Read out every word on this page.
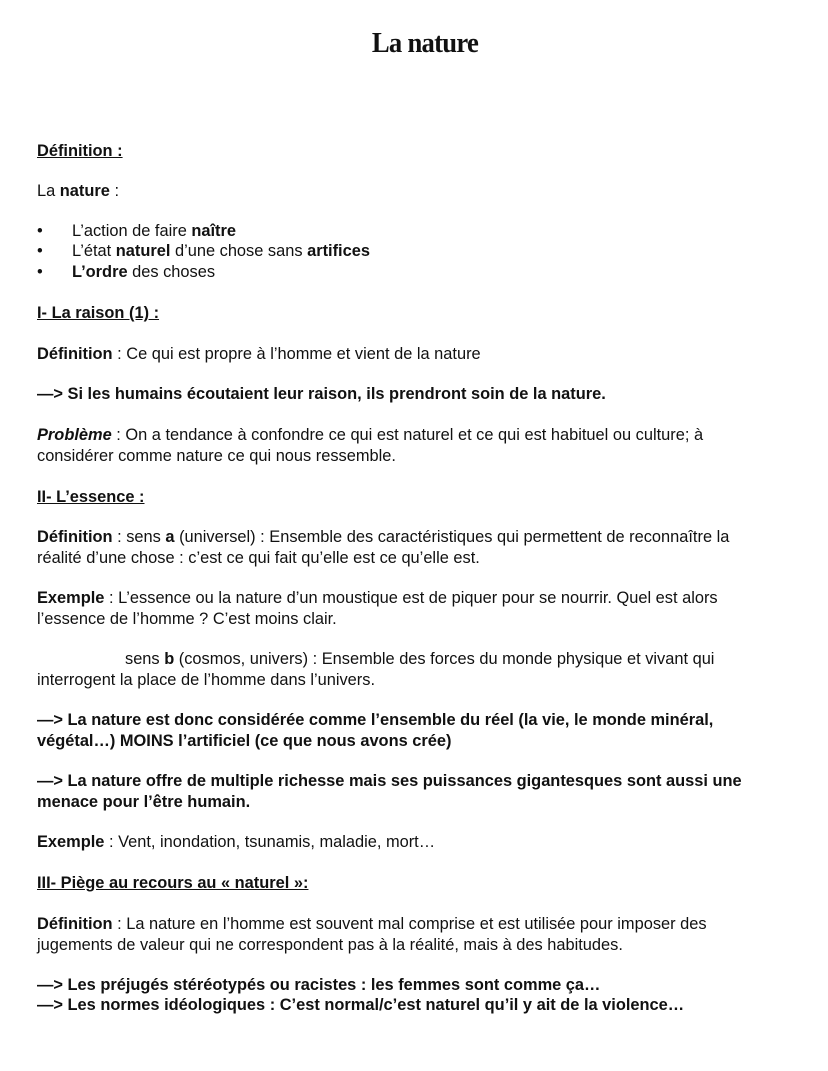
La nature
Définition :
La nature :
• L’action de faire naître
• L’état naturel d’une chose sans artifices
• L’ordre des choses
I- La raison (1) :
Définition : Ce qui est propre à l’homme et vient de la nature
—> Si les humains écoutaient leur raison, ils prendront soin de la nature.
Problème : On a tendance à confondre ce qui est naturel et ce qui est habituel ou culture; à considérer comme nature ce qui nous ressemble.
II- L’essence :
Définition : sens a (universel) : Ensemble des caractéristiques qui permettent de reconnaître la réalité d’une chose : c’est ce qui fait qu’elle est ce qu’elle est.
Exemple : L’essence ou la nature d’un moustique est de piquer pour se nourrir. Quel est alors l’essence de l’homme ? C’est moins clair.
sens b (cosmos, univers) : Ensemble des forces du monde physique et vivant qui interrogent la place de l’homme dans l’univers.
—> La nature est donc considérée comme l’ensemble du réel (la vie, le monde minéral, végétal…) MOINS l’artificiel (ce que nous avons crée)
—> La nature offre de multiple richesse mais ses puissances gigantesques sont aussi une menace pour l’être humain.
Exemple : Vent, inondation, tsunamis, maladie, mort…
III- Piège au recours au « naturel »:
Définition : La nature en l’homme est souvent mal comprise et est utilisée pour imposer des jugements de valeur qui ne correspondent pas à la réalité, mais à des habitudes.
—> Les préjugés stéréotypés ou racistes : les femmes sont comme ça…
—> Les normes idéologiques : C’est normal/c’est naturel qu’il y ait de la violence…
